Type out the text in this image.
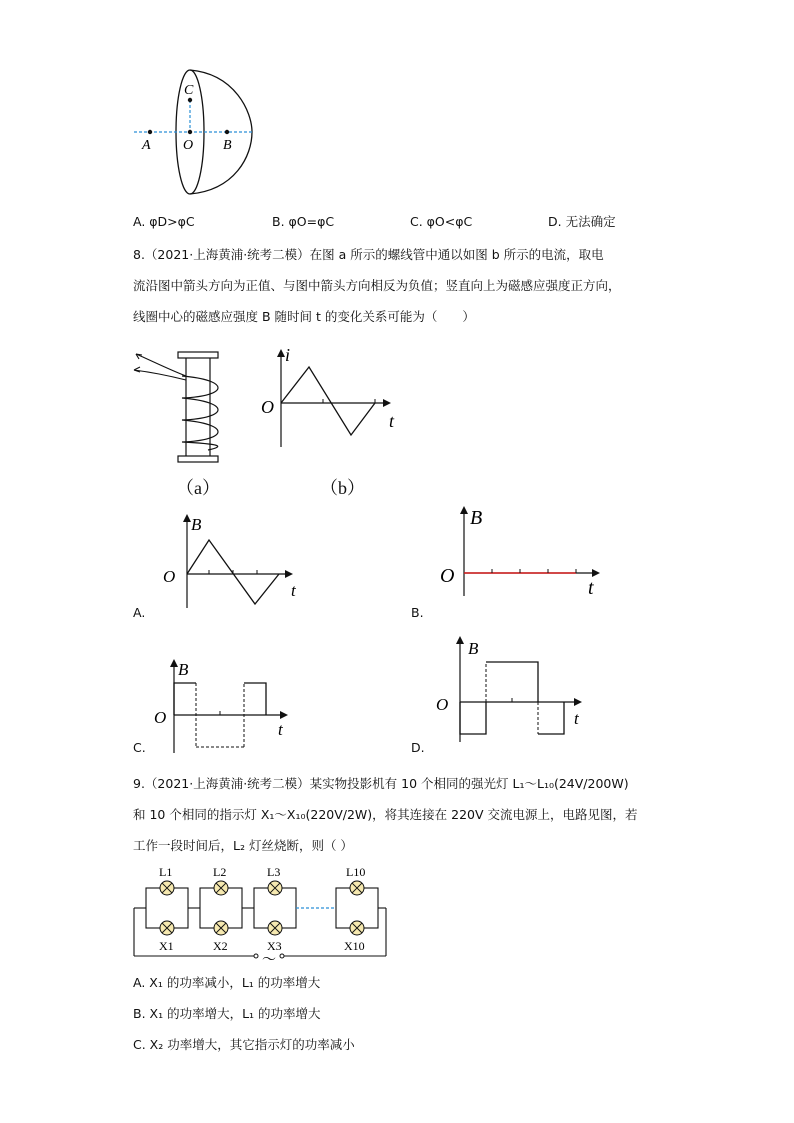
C
A O B
A. φD>φC	B. φO=φC	C. φO<φC	D. 无法确定
8.（2021·上海黄浦·统考二模）在图 a 所示的螺线管中通以如图 b 所示的电流，取电
流沿图中箭头方向为正值、与图中箭头方向相反为负值；竖直向上为磁感应强度正方向，
线圈中心的磁感应强度 B 随时间 t 的变化关系可能为（　　）
（a）
i
O
t
（b）
B
O
t
A.
B
O
t
B.
B
O
t
C.
B
O
t
D.
9.（2021·上海黄浦·统考二模）某实物投影机有 10 个相同的强光灯 L₁～L₁₀(24V/200W)
和 10 个相同的指示灯 X₁～X₁₀(220V/2W)，将其连接在 220V 交流电源上，电路见图，若
工作一段时间后，L₂ 灯丝烧断，则（ ）
～
L1	L2	L3	L10
X1	X2	X3	X10
A. X₁ 的功率减小，L₁ 的功率增大
B. X₁ 的功率增大，L₁ 的功率增大
C. X₂ 功率增大，其它指示灯的功率减小
